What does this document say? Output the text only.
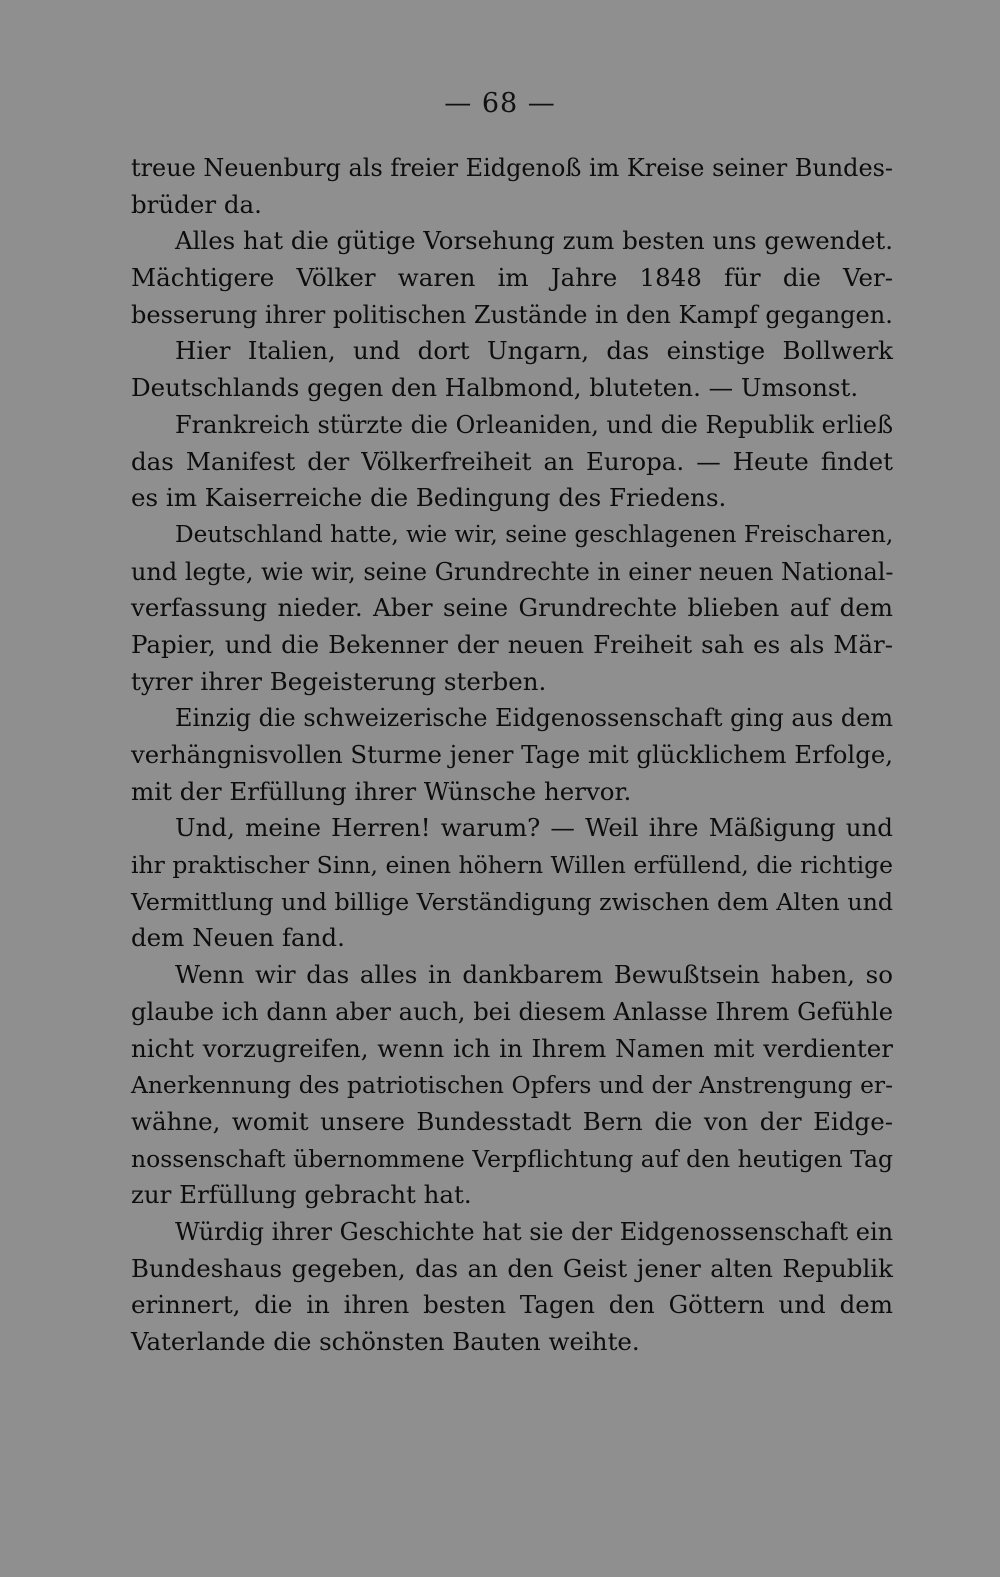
— 68 —
treue Neuenburg als freier Eidgenoß im Kreise seiner Bundes-
brüder da.
Alles hat die gütige Vorsehung zum besten uns gewendet.
Mächtigere Völker waren im Jahre 1848 für die Ver-
besserung ihrer politischen Zustände in den Kampf gegangen.
Hier Italien, und dort Ungarn, das einstige Bollwerk
Deutschlands gegen den Halbmond, bluteten. — Umsonst.
Frankreich stürzte die Orleaniden, und die Republik erließ
das Manifest der Völkerfreiheit an Europa. — Heute findet
es im Kaiserreiche die Bedingung des Friedens.
Deutschland hatte, wie wir, seine geschlagenen Freischaren,
und legte, wie wir, seine Grundrechte in einer neuen National-
verfassung nieder. Aber seine Grundrechte blieben auf dem
Papier, und die Bekenner der neuen Freiheit sah es als Mär-
tyrer ihrer Begeisterung sterben.
Einzig die schweizerische Eidgenossenschaft ging aus dem
verhängnisvollen Sturme jener Tage mit glücklichem Erfolge,
mit der Erfüllung ihrer Wünsche hervor.
Und, meine Herren! warum? — Weil ihre Mäßigung und
ihr praktischer Sinn, einen höhern Willen erfüllend, die richtige
Vermittlung und billige Verständigung zwischen dem Alten und
dem Neuen fand.
Wenn wir das alles in dankbarem Bewußtsein haben, so
glaube ich dann aber auch, bei diesem Anlasse Ihrem Gefühle
nicht vorzugreifen, wenn ich in Ihrem Namen mit verdienter
Anerkennung des patriotischen Opfers und der Anstrengung er-
wähne, womit unsere Bundesstadt Bern die von der Eidge-
nossenschaft übernommene Verpflichtung auf den heutigen Tag
zur Erfüllung gebracht hat.
Würdig ihrer Geschichte hat sie der Eidgenossenschaft ein
Bundeshaus gegeben, das an den Geist jener alten Republik
erinnert, die in ihren besten Tagen den Göttern und dem
Vaterlande die schönsten Bauten weihte.
